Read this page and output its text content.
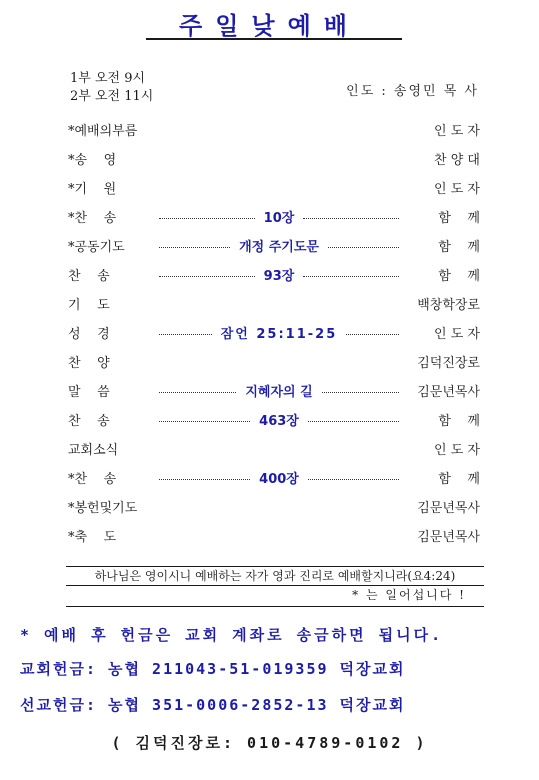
주일낮예배
1부 오전 9시
2부 오전 11시	인도 : 송영민 목 사
*예배의부름	인 도 자
*송    영	찬 양 대
*기    원	인 도 자
*찬    송	10장	함    께
*공동기도	개정 주기도문	함    께
찬    송	93장	함    께
기    도	백창학장로
성    경	잠언 25:11-25	인 도 자
찬    양	김덕진장로
말    씀	지혜자의 길	김문년목사
찬    송	463장	함    께
교회소식	인 도 자
*찬    송	400장	함    께
*봉헌및기도	김문년목사
*축    도	김문년목사
하나님은 영이시니 예배하는 자가 영과 진리로 예배할지니라(요4:24)
* 는 일어섭니다 !
* 예배 후 헌금은 교회 계좌로 송금하면 됩니다.
교회헌금: 농협 211043-51-019359 덕장교회
선교헌금: 농협 351-0006-2852-13 덕장교회
( 김덕진장로: 010-4789-0102 )
